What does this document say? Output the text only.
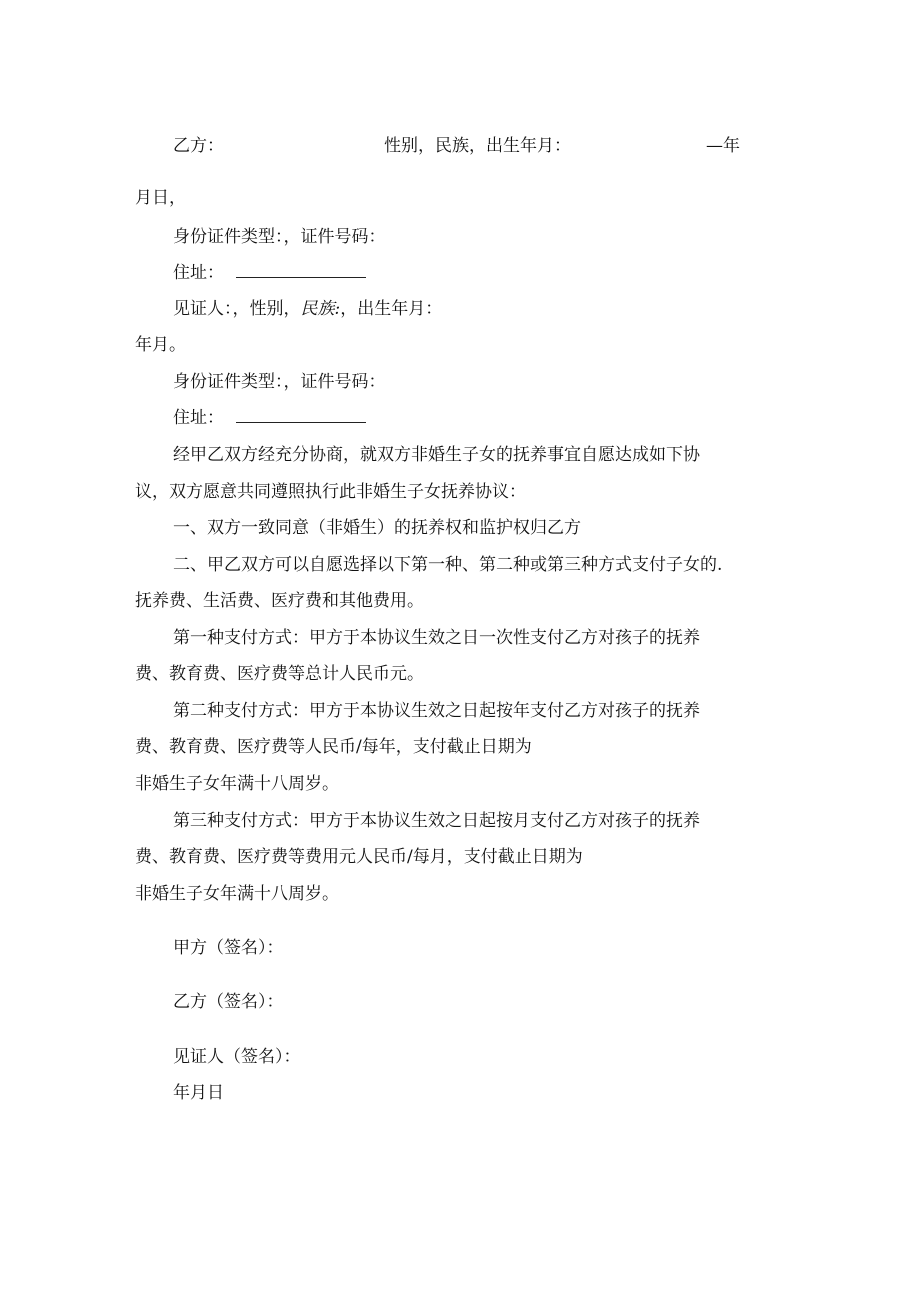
乙方：	性别，民族，出生年月：	—年

月日，

身份证件类型：，证件号码：

住址：

见证人：，性别，民族:，出生年月：

年月。

身份证件类型：，证件号码：

住址：

经甲乙双方经充分协商，就双方非婚生子女的抚养事宜自愿达成如下协

议，双方愿意共同遵照执行此非婚生子女抚养协议：

一、双方一致同意（非婚生）的抚养权和监护权归乙方

二、甲乙双方可以自愿选择以下第一种、第二种或第三种方式支付子女的.

抚养费、生活费、医疗费和其他费用。

第一种支付方式：甲方于本协议生效之日一次性支付乙方对孩子的抚养

费、教育费、医疗费等总计人民币元。

第二种支付方式：甲方于本协议生效之日起按年支付乙方对孩子的抚养

费、教育费、医疗费等人民币/每年，支付截止日期为

非婚生子女年满十八周岁。

第三种支付方式：甲方于本协议生效之日起按月支付乙方对孩子的抚养

费、教育费、医疗费等费用元人民币/每月，支付截止日期为

非婚生子女年满十八周岁。

甲方（签名）：

乙方（签名）：

见证人（签名）：

年月日
